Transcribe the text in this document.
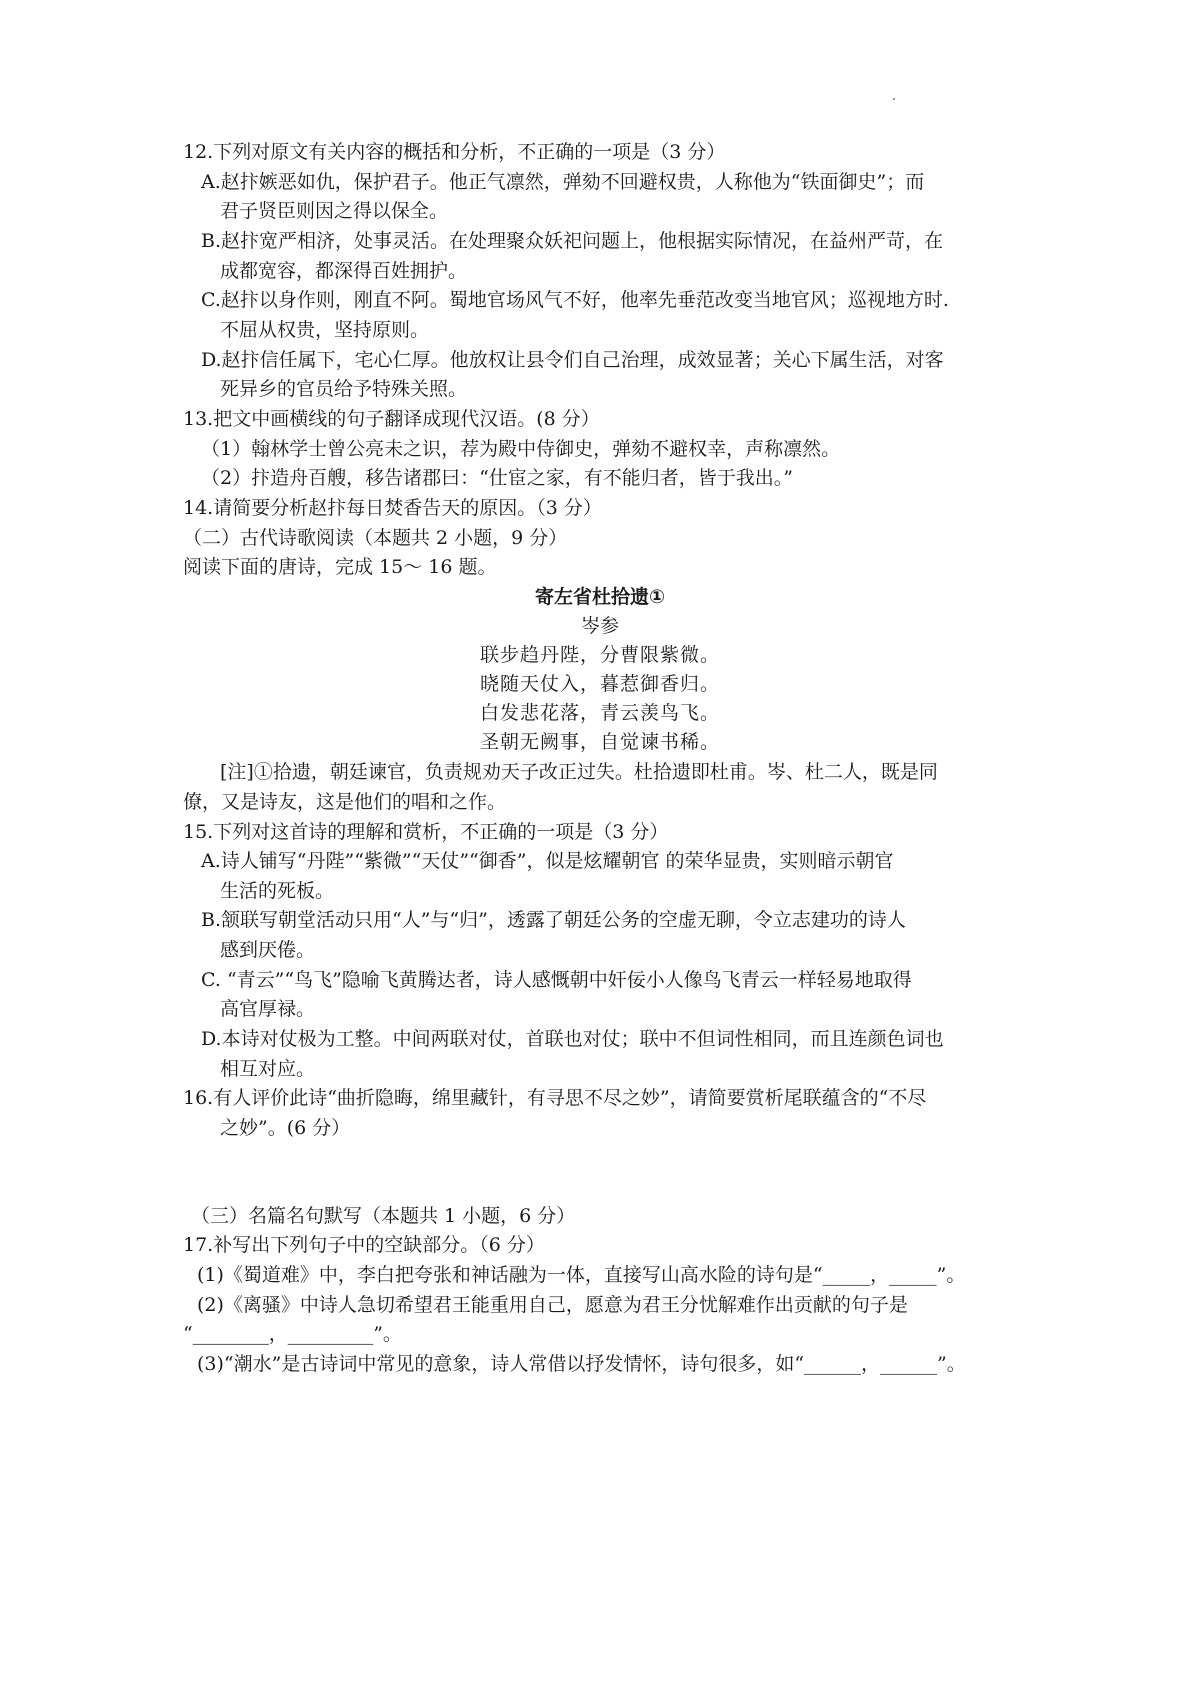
12.下列对原文有关内容的概括和分析，不正确的一项是（3 分）
A.赵抃嫉恶如仇，保护君子。他正气凛然，弹劾不回避权贵，人称他为“铁面御史”；而
君子贤臣则因之得以保全。
B.赵抃宽严相济，处事灵活。在处理聚众妖祀问题上，他根据实际情况，在益州严苛，在
成都宽容，都深得百姓拥护。
C.赵抃以身作则，刚直不阿。蜀地官场风气不好，他率先垂范改变当地官风；巡视地方时.
不屈从权贵，坚持原则。
D.赵抃信任属下，宅心仁厚。他放权让县令们自己治理，成效显著；关心下属生活，对客
死异乡的官员给予特殊关照。
13.把文中画横线的句子翻译成现代汉语。(8 分）
（1）翰林学士曾公亮未之识，荐为殿中侍御史，弹劾不避权幸，声称凛然。
（2）抃造舟百艘，移告诸郡曰：“仕宦之家，有不能归者，皆于我出。”
14.请简要分析赵抃每日焚香告天的原因。（3 分）
（二）古代诗歌阅读（本题共 2 小题，9 分）
阅读下面的唐诗，完成 15～ 16 题。
寄左省杜拾遗①
岑参
联步趋丹陛，分曹限紫微。
晓随天仗入，暮惹御香归。
白发悲花落，青云羡鸟飞。
圣朝无阙事，自觉谏书稀。
[注]①拾遗，朝廷谏官，负责规劝天子改正过失。杜拾遗即杜甫。岑、杜二人，既是同
僚，又是诗友，这是他们的唱和之作。
15.下列对这首诗的理解和赏析，不正确的一项是（3 分）
A.诗人铺写“丹陛”“紫微”“天仗”“御香”，似是炫耀朝官 的荣华显贵，实则暗示朝官
生活的死板。
B.颔联写朝堂活动只用“人”与“归”，透露了朝廷公务的空虚无聊，令立志建功的诗人
感到厌倦。
C. “青云”“鸟飞”隐喻飞黄腾达者，诗人感慨朝中奸佞小人像鸟飞青云一样轻易地取得
高官厚禄。
D.本诗对仗极为工整。中间两联对仗，首联也对仗；联中不但词性相同，而且连颜色词也
相互对应。
16.有人评价此诗“曲折隐晦，绵里藏针，有寻思不尽之妙”，请简要赏析尾联蕴含的“不尽
之妙”。(6 分）
（三）名篇名句默写（本题共 1 小题，6 分）
17.补写出下列句子中的空缺部分。（6 分）
(1)《蜀道难》中，李白把夸张和神话融为一体，直接写山高水险的诗句是“_____，_____”。
(2)《离骚》中诗人急切希望君王能重用自己，愿意为君王分忧解难作出贡献的句子是
“________，_________”。
(3)“潮水”是古诗词中常见的意象，诗人常借以抒发情怀，诗句很多，如“______，______”。
